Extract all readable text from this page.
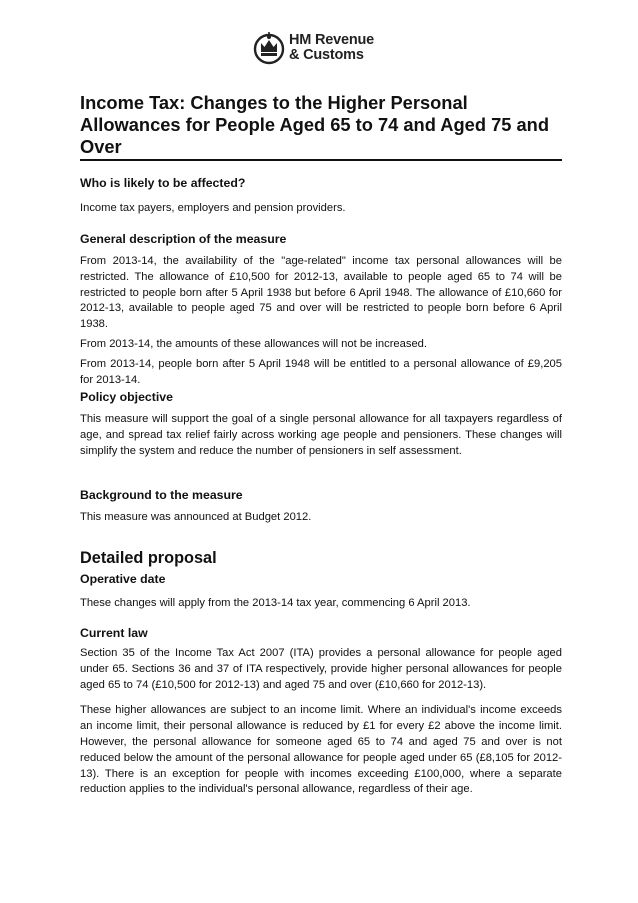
HM Revenue
& Customs
Income Tax: Changes to the Higher Personal Allowances for People Aged 65 to 74 and Aged 75 and Over
Who is likely to be affected?

Income tax payers, employers and pension providers.

General description of the measure

From 2013-14, the availability of the "age-related" income tax personal allowances will be restricted. The allowance of £10,500 for 2012-13, available to people aged 65 to 74 will be restricted to people born after 5 April 1938 but before 6 April 1948. The allowance of £10,660 for 2012-13, available to people aged 75 and over will be restricted to people born before 6 April 1938.

From 2013-14, the amounts of these allowances will not be increased.

From 2013-14, people born after 5 April 1948 will be entitled to a personal allowance of £9,205 for 2013-14.

Policy objective

This measure will support the goal of a single personal allowance for all taxpayers regardless of age, and spread tax relief fairly across working age people and pensioners. These changes will simplify the system and reduce the number of pensioners in self assessment.

Background to the measure

This measure was announced at Budget 2012.

Detailed proposal
Operative date

These changes will apply from the 2013-14 tax year, commencing 6 April 2013.

Current law

Section 35 of the Income Tax Act 2007 (ITA) provides a personal allowance for people aged under 65. Sections 36 and 37 of ITA respectively, provide higher personal allowances for people aged 65 to 74 (£10,500 for 2012-13) and aged 75 and over (£10,660 for 2012-13).

These higher allowances are subject to an income limit. Where an individual's income exceeds an income limit, their personal allowance is reduced by £1 for every £2 above the income limit. However, the personal allowance for someone aged 65 to 74 and aged 75 and over is not reduced below the amount of the personal allowance for people aged under 65 (£8,105 for 2012-13). There is an exception for people with incomes exceeding £100,000, where a separate reduction applies to the individual's personal allowance, regardless of their age.
